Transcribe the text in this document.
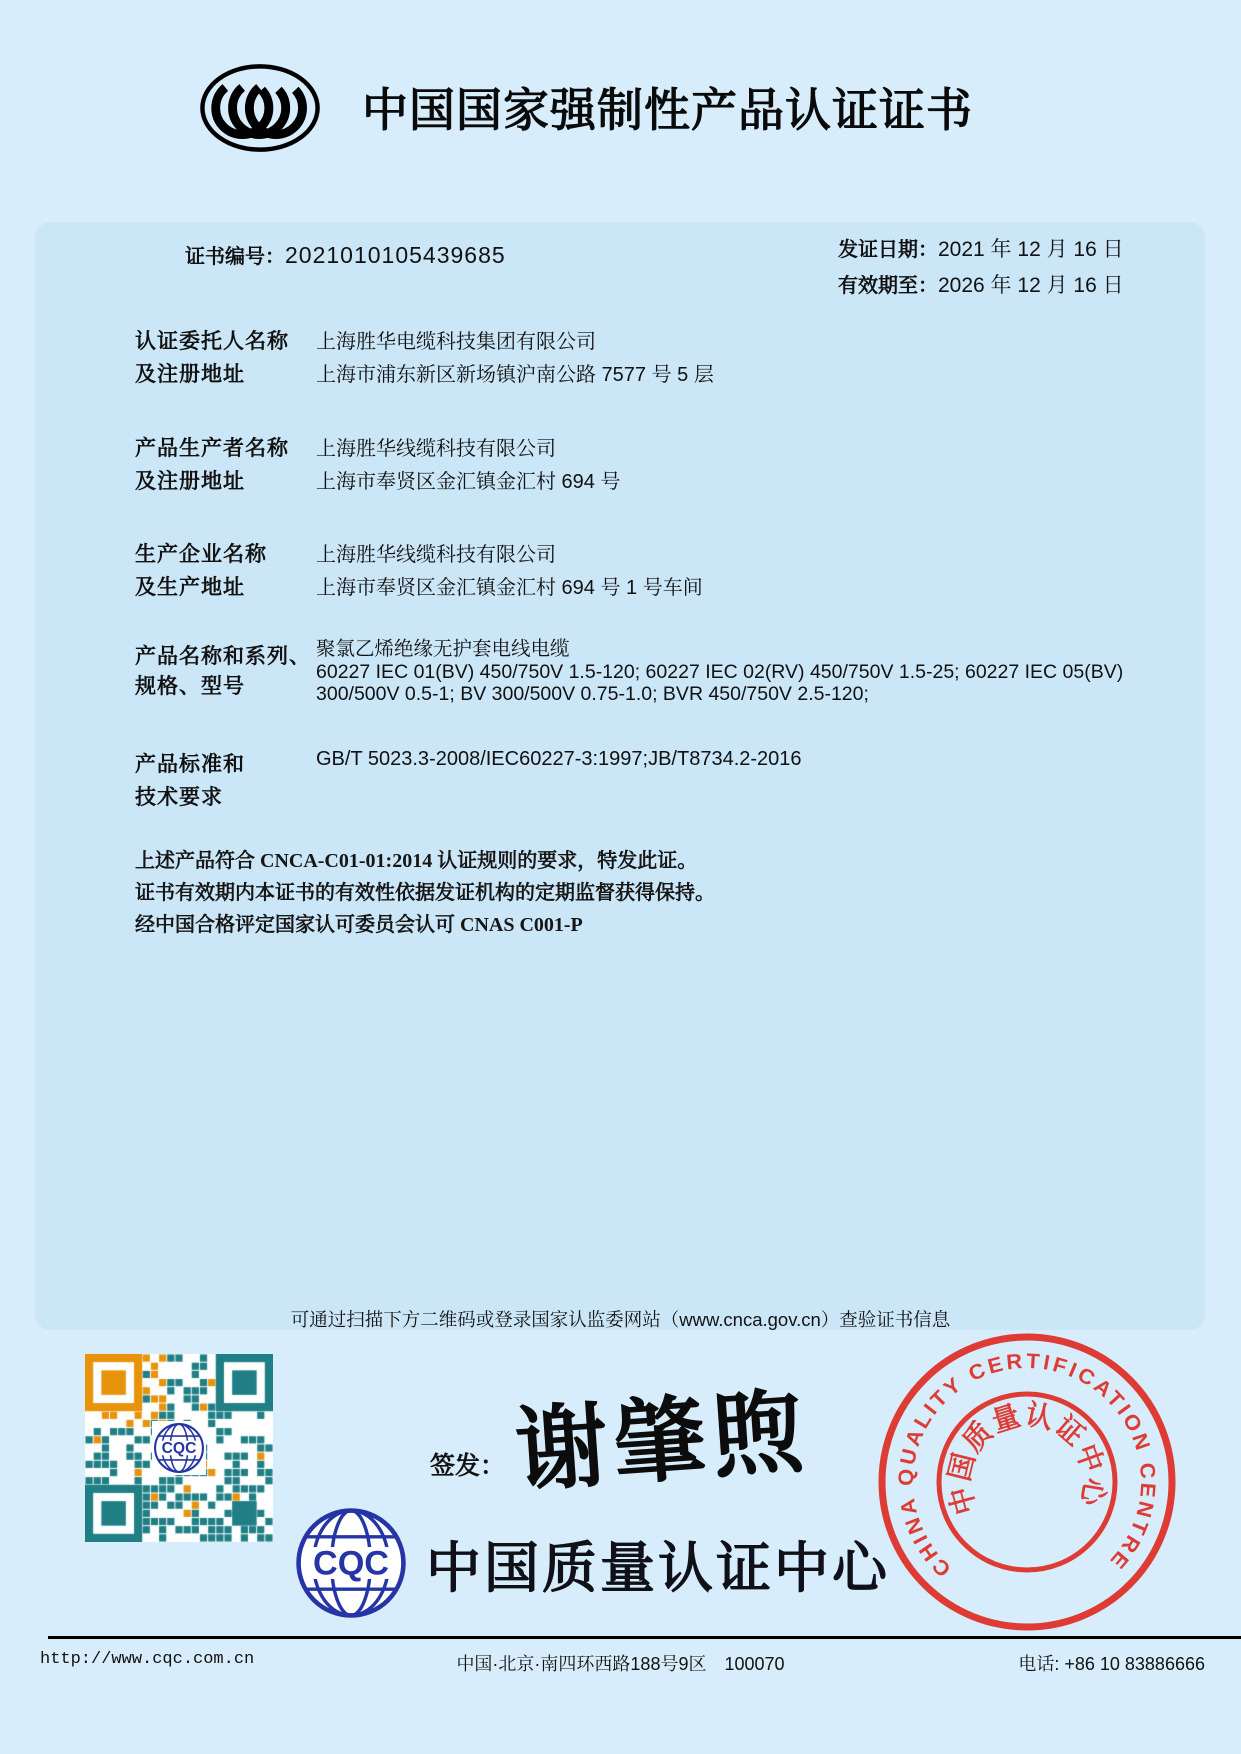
中国国家强制性产品认证证书
证书编号：2021010105439685	发证日期：2021 年 12 月 16 日
有效期至：2026 年 12 月 16 日
认证委托人名称 上海胜华电缆科技集团有限公司
及注册地址	上海市浦东新区新场镇沪南公路 7577 号 5 层
产品生产者名称 上海胜华线缆科技有限公司
及注册地址	上海市奉贤区金汇镇金汇村 694 号
生产企业名称 上海胜华线缆科技有限公司
及生产地址	上海市奉贤区金汇镇金汇村 694 号 1 号车间
产品名称和系列、
规格、型号
聚氯乙烯绝缘无护套电线电缆
60227 IEC 01(BV) 450/750V 1.5-120; 60227 IEC 02(RV) 450/750V 1.5-25; 60227 IEC 05(BV) 300/500V 0.5-1; BV 300/500V 0.75-1.0; BVR 450/750V 2.5-120;
产品标准和
技术要求
GB/T 5023.3-2008/IEC60227-3:1997;JB/T8734.2-2016
上述产品符合 CNCA-C01-01:2014 认证规则的要求，特发此证。
证书有效期内本证书的有效性依据发证机构的定期监督获得保持。
经中国合格评定国家认可委员会认可 CNAS C001-P
可通过扫描下方二维码或登录国家认监委网站（www.cnca.gov.cn）查验证书信息
签发： 谢肇煦
中国质量认证中心	CHINA QUALITY CERTIFICATION CENTRE
中国质量认证中心
http://www.cqc.com.cn	中国·北京·南四环西路188号9区　100070	电话: +86 10 83886666
